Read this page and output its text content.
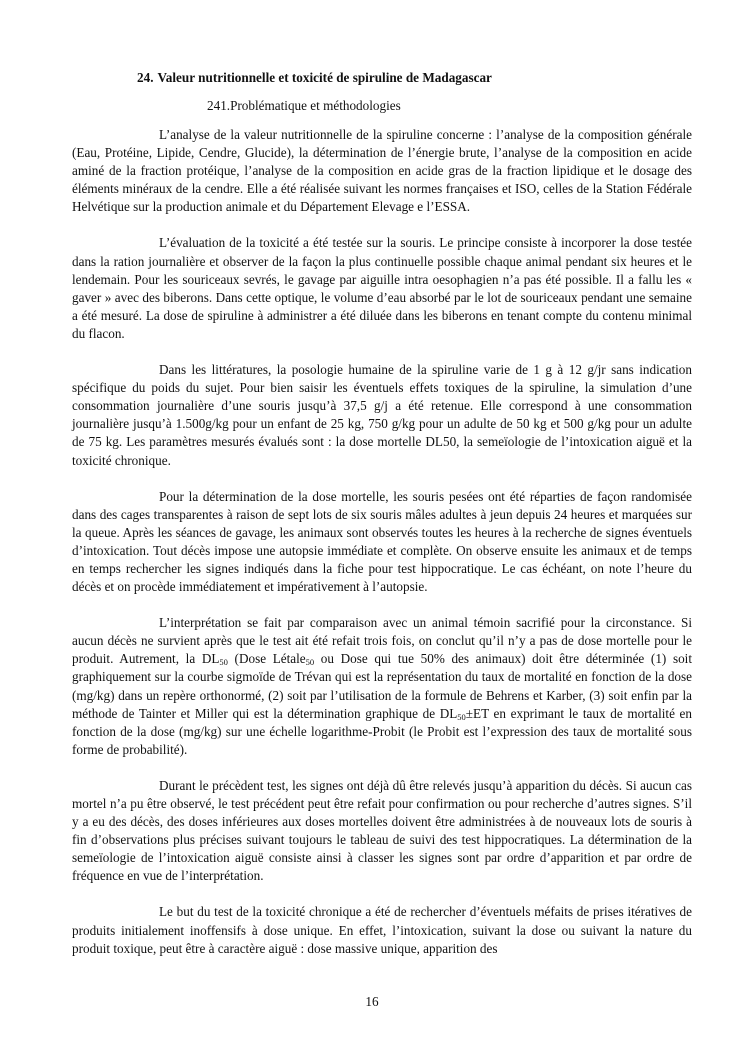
24. Valeur nutritionnelle et toxicité de spiruline de Madagascar
241.Problématique et méthodologies

L’analyse de la valeur nutritionnelle de la spiruline concerne : l’analyse de la composition générale (Eau, Protéine, Lipide, Cendre, Glucide), la détermination de l’énergie brute, l’analyse de la composition en acide aminé de la fraction protéique, l’analyse de la composition en acide gras de la fraction lipidique et le dosage des éléments minéraux de la cendre. Elle a été réalisée suivant les normes françaises et ISO, celles de la Station Fédérale Helvétique sur la production animale et du Département Elevage e l’ESSA.

L’évaluation de la toxicité a été testée sur la souris. Le principe consiste à incorporer la dose testée dans la ration journalière et observer de la façon la plus continuelle possible chaque animal pendant six heures et le lendemain. Pour les souriceaux sevrés, le gavage par aiguille intra oesophagien n’a pas été possible. Il a fallu les « gaver » avec des biberons. Dans cette optique, le volume d’eau absorbé par le lot de souriceaux pendant une semaine a été mesuré. La dose de spiruline à administrer a été diluée dans les biberons en tenant compte du contenu minimal du flacon.

Dans les littératures, la posologie humaine de la spiruline varie de 1 g à 12 g/jr sans indication spécifique du poids du sujet. Pour bien saisir les éventuels effets toxiques de la spiruline, la simulation d’une consommation journalière d’une souris jusqu’à 37,5 g/j a été retenue. Elle correspond à une consommation journalière jusqu’à 1.500g/kg pour un enfant de 25 kg, 750 g/kg pour un adulte de 50 kg et 500 g/kg pour un adulte de 75 kg. Les paramètres mesurés évalués sont : la dose mortelle DL50, la semeïologie de l’intoxication aiguë et la toxicité chronique.

Pour la détermination de la dose mortelle, les souris pesées ont été réparties de façon randomisée dans des cages transparentes à raison de sept lots de six souris mâles adultes à jeun depuis 24 heures et marquées sur la queue. Après les séances de gavage, les animaux sont observés toutes les heures à la recherche de signes éventuels d’intoxication. Tout décès impose une autopsie immédiate et complète. On observe ensuite les animaux et de temps en temps rechercher les signes indiqués dans la fiche pour test hippocratique. Le cas échéant, on note l’heure du décès et on procède immédiatement et impérativement à l’autopsie.

L’interprétation se fait par comparaison avec un animal témoin sacrifié pour la circonstance. Si aucun décès ne survient après que le test ait été refait trois fois, on conclut qu’il n’y a pas de dose mortelle pour le produit. Autrement, la $DL_{50}$ (Dose Létale$_{50}$ ou Dose qui tue 50% des animaux) doit être déterminée (1) soit graphiquement sur la courbe sigmoïde de Trévan qui est la représentation du taux de mortalité en fonction de la dose (mg/kg) dans un repère orthonormé, (2) soit par l’utilisation de la formule de Behrens et Karber, (3) soit enfin par la méthode de Tainter et Miller qui est la détermination graphique de $DL_{50}\pm ET$ en exprimant le taux de mortalité en fonction de la dose (mg/kg) sur une échelle logarithme-Probit (le Probit est l’expression des taux de mortalité sous forme de probabilité).

Durant le précèdent test, les signes ont déjà dû être relevés jusqu’à apparition du décès. Si aucun cas mortel n’a pu être observé, le test précédent peut être refait pour confirmation ou pour recherche d’autres signes. S’il y a eu des décès, des doses inférieures aux doses mortelles doivent être administrées à de nouveaux lots de souris à fin d’observations plus précises suivant toujours le tableau de suivi des test hippocratiques. La détermination de la semeïologie de l’intoxication aiguë consiste ainsi à classer les signes sont par ordre d’apparition et par ordre de fréquence en vue de l’interprétation.

Le but du test de la toxicité chronique a été de rechercher d’éventuels méfaits de prises itératives de produits initialement inoffensifs à dose unique. En effet, l’intoxication, suivant la dose ou suivant la nature du produit toxique, peut être à caractère aiguë : dose massive unique, apparition des

16
